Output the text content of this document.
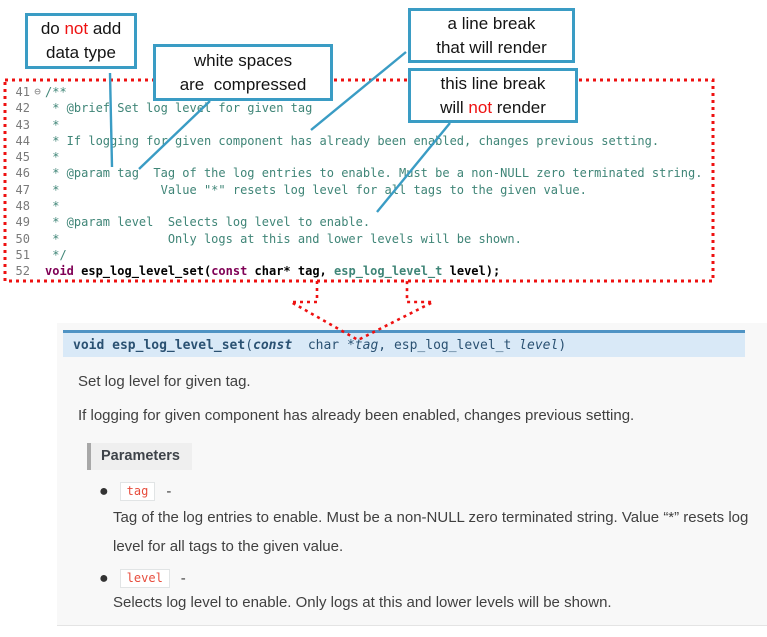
do not add
data type	white spaces
are  compressed
a line break
that will render
this line break
will not render
41 ⊖ /**
42 * @brief Set log level for given tag
43 *
44 * If logging for given component has already been enabled, changes previous setting.
45 *
46 * @param tag  Tag of the log entries to enable. Must be a non-NULL zero terminated string.
47 *              Value "*" resets log level for all tags to the given value.
48 *
49 * @param level  Selects log level to enable.
50 *               Only logs at this and lower levels will be shown.
51 */
52 void esp_log_level_set(const char* tag, esp_log_level_t level);
void esp_log_level_set ( const char * tag , esp_log_level_t level )
Set log level for given tag.
If logging for given component has already been enabled, changes previous setting.
Parameters
●	tag	-
Tag of the log entries to enable. Must be a non-NULL zero terminated string. Value “*” resets log level for all tags to the given value.
●	level	-
Selects log level to enable. Only logs at this and lower levels will be shown.
